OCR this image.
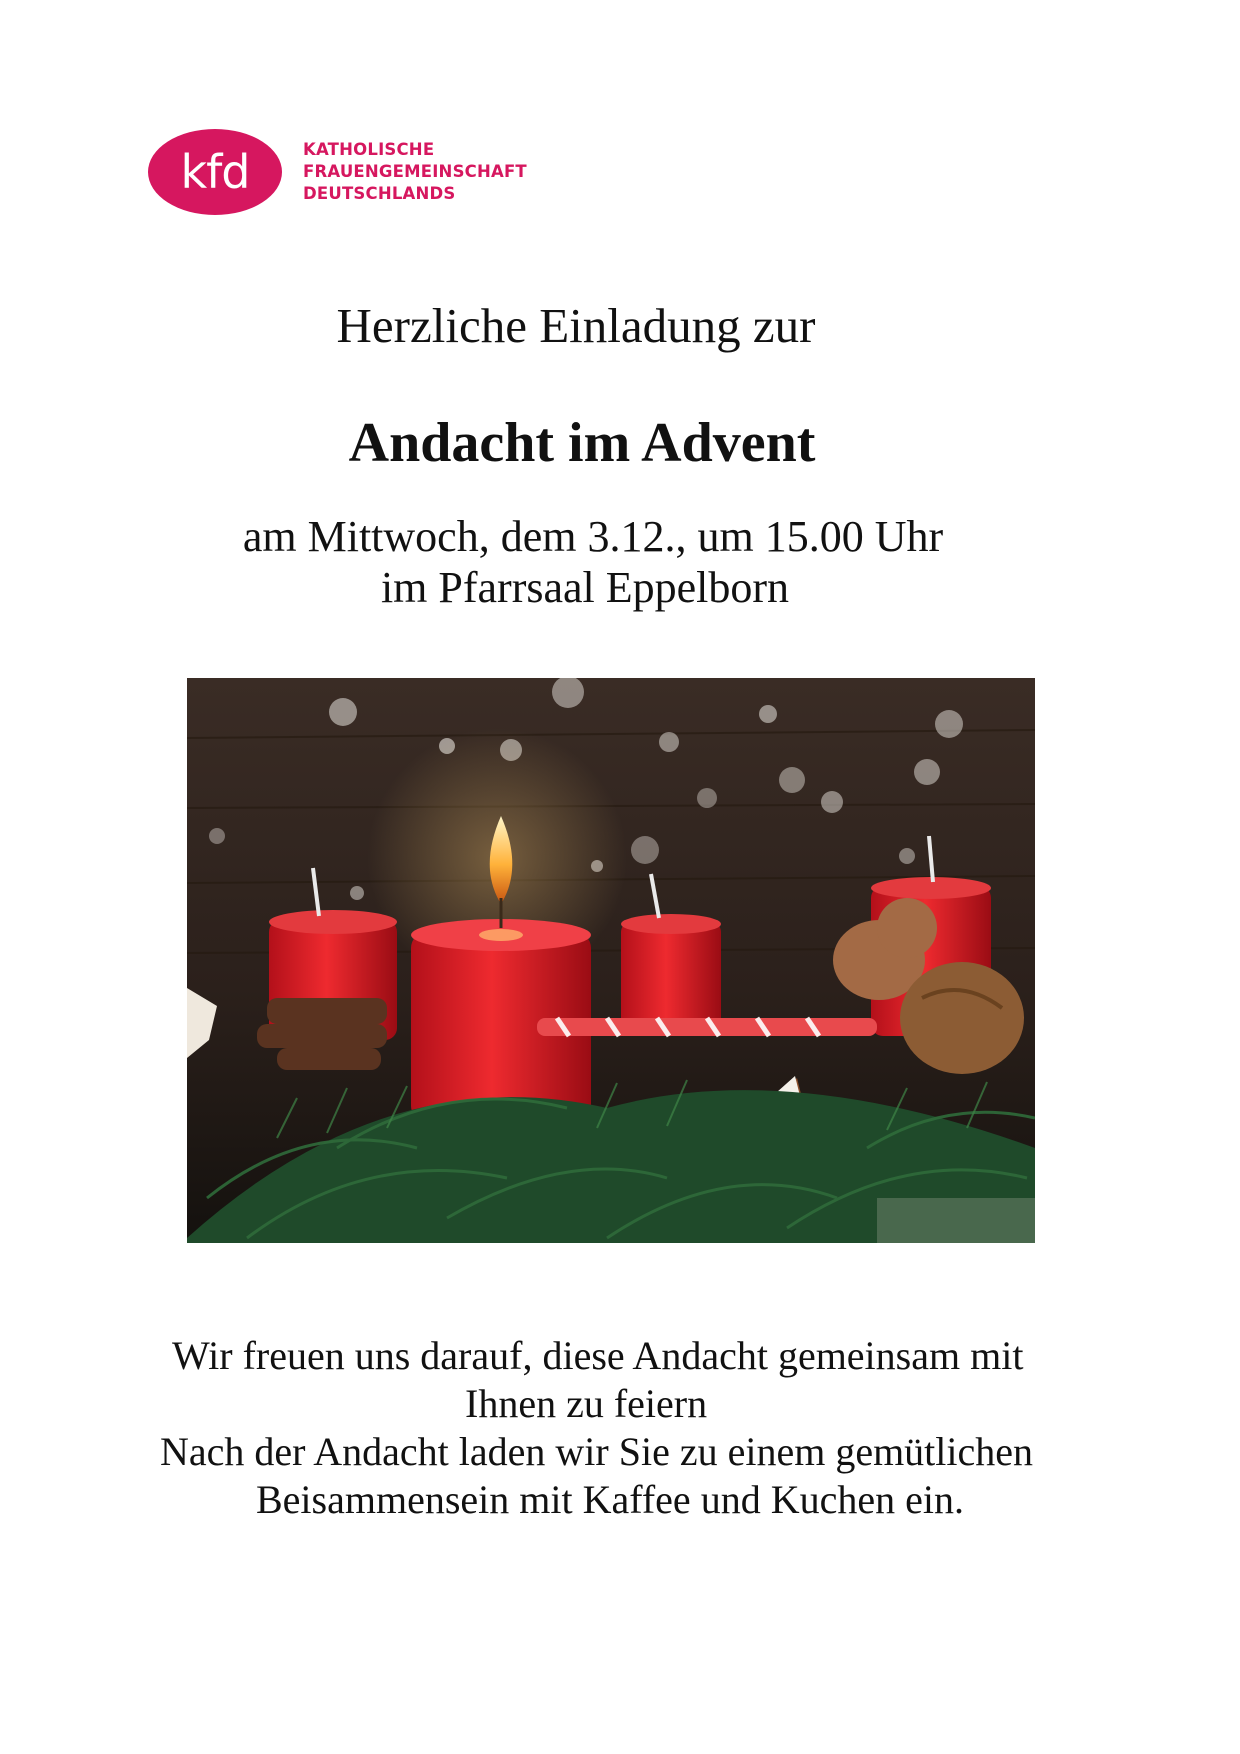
kfd	KATHOLISCHE
FRAUENGEMEINSCHAFT
DEUTSCHLANDS
Herzliche Einladung zur
Andacht im Advent
am Mittwoch, dem 3.12., um 15.00 Uhr
im Pfarrsaal Eppelborn
Wir freuen uns darauf, diese Andacht gemeinsam mit
Ihnen zu feiern
Nach der Andacht laden wir Sie zu einem gemütlichen
Beisammensein mit Kaffee und Kuchen ein.
